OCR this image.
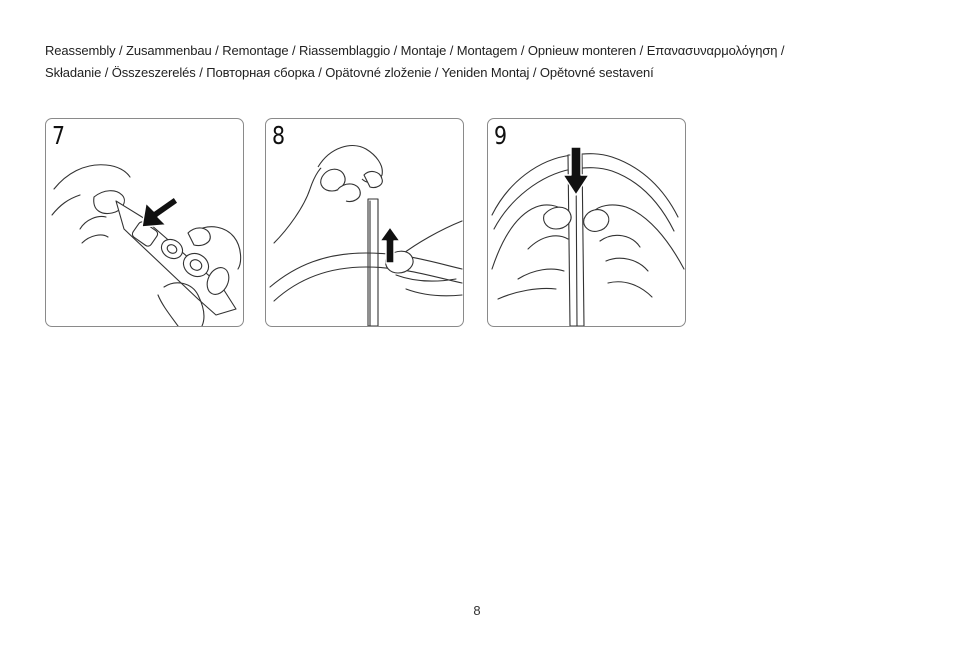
Reassembly / Zusammenbau / Remontage / Riassemblaggio / Montaje / Montagem / Opnieuw monteren / Επανασυναρμολόγηση /
Składanie / Összeszerelés / Повторная сборка / Opätovné zloženie / Yeniden Montaj / Opětovné sestavení
7	8	9
8
